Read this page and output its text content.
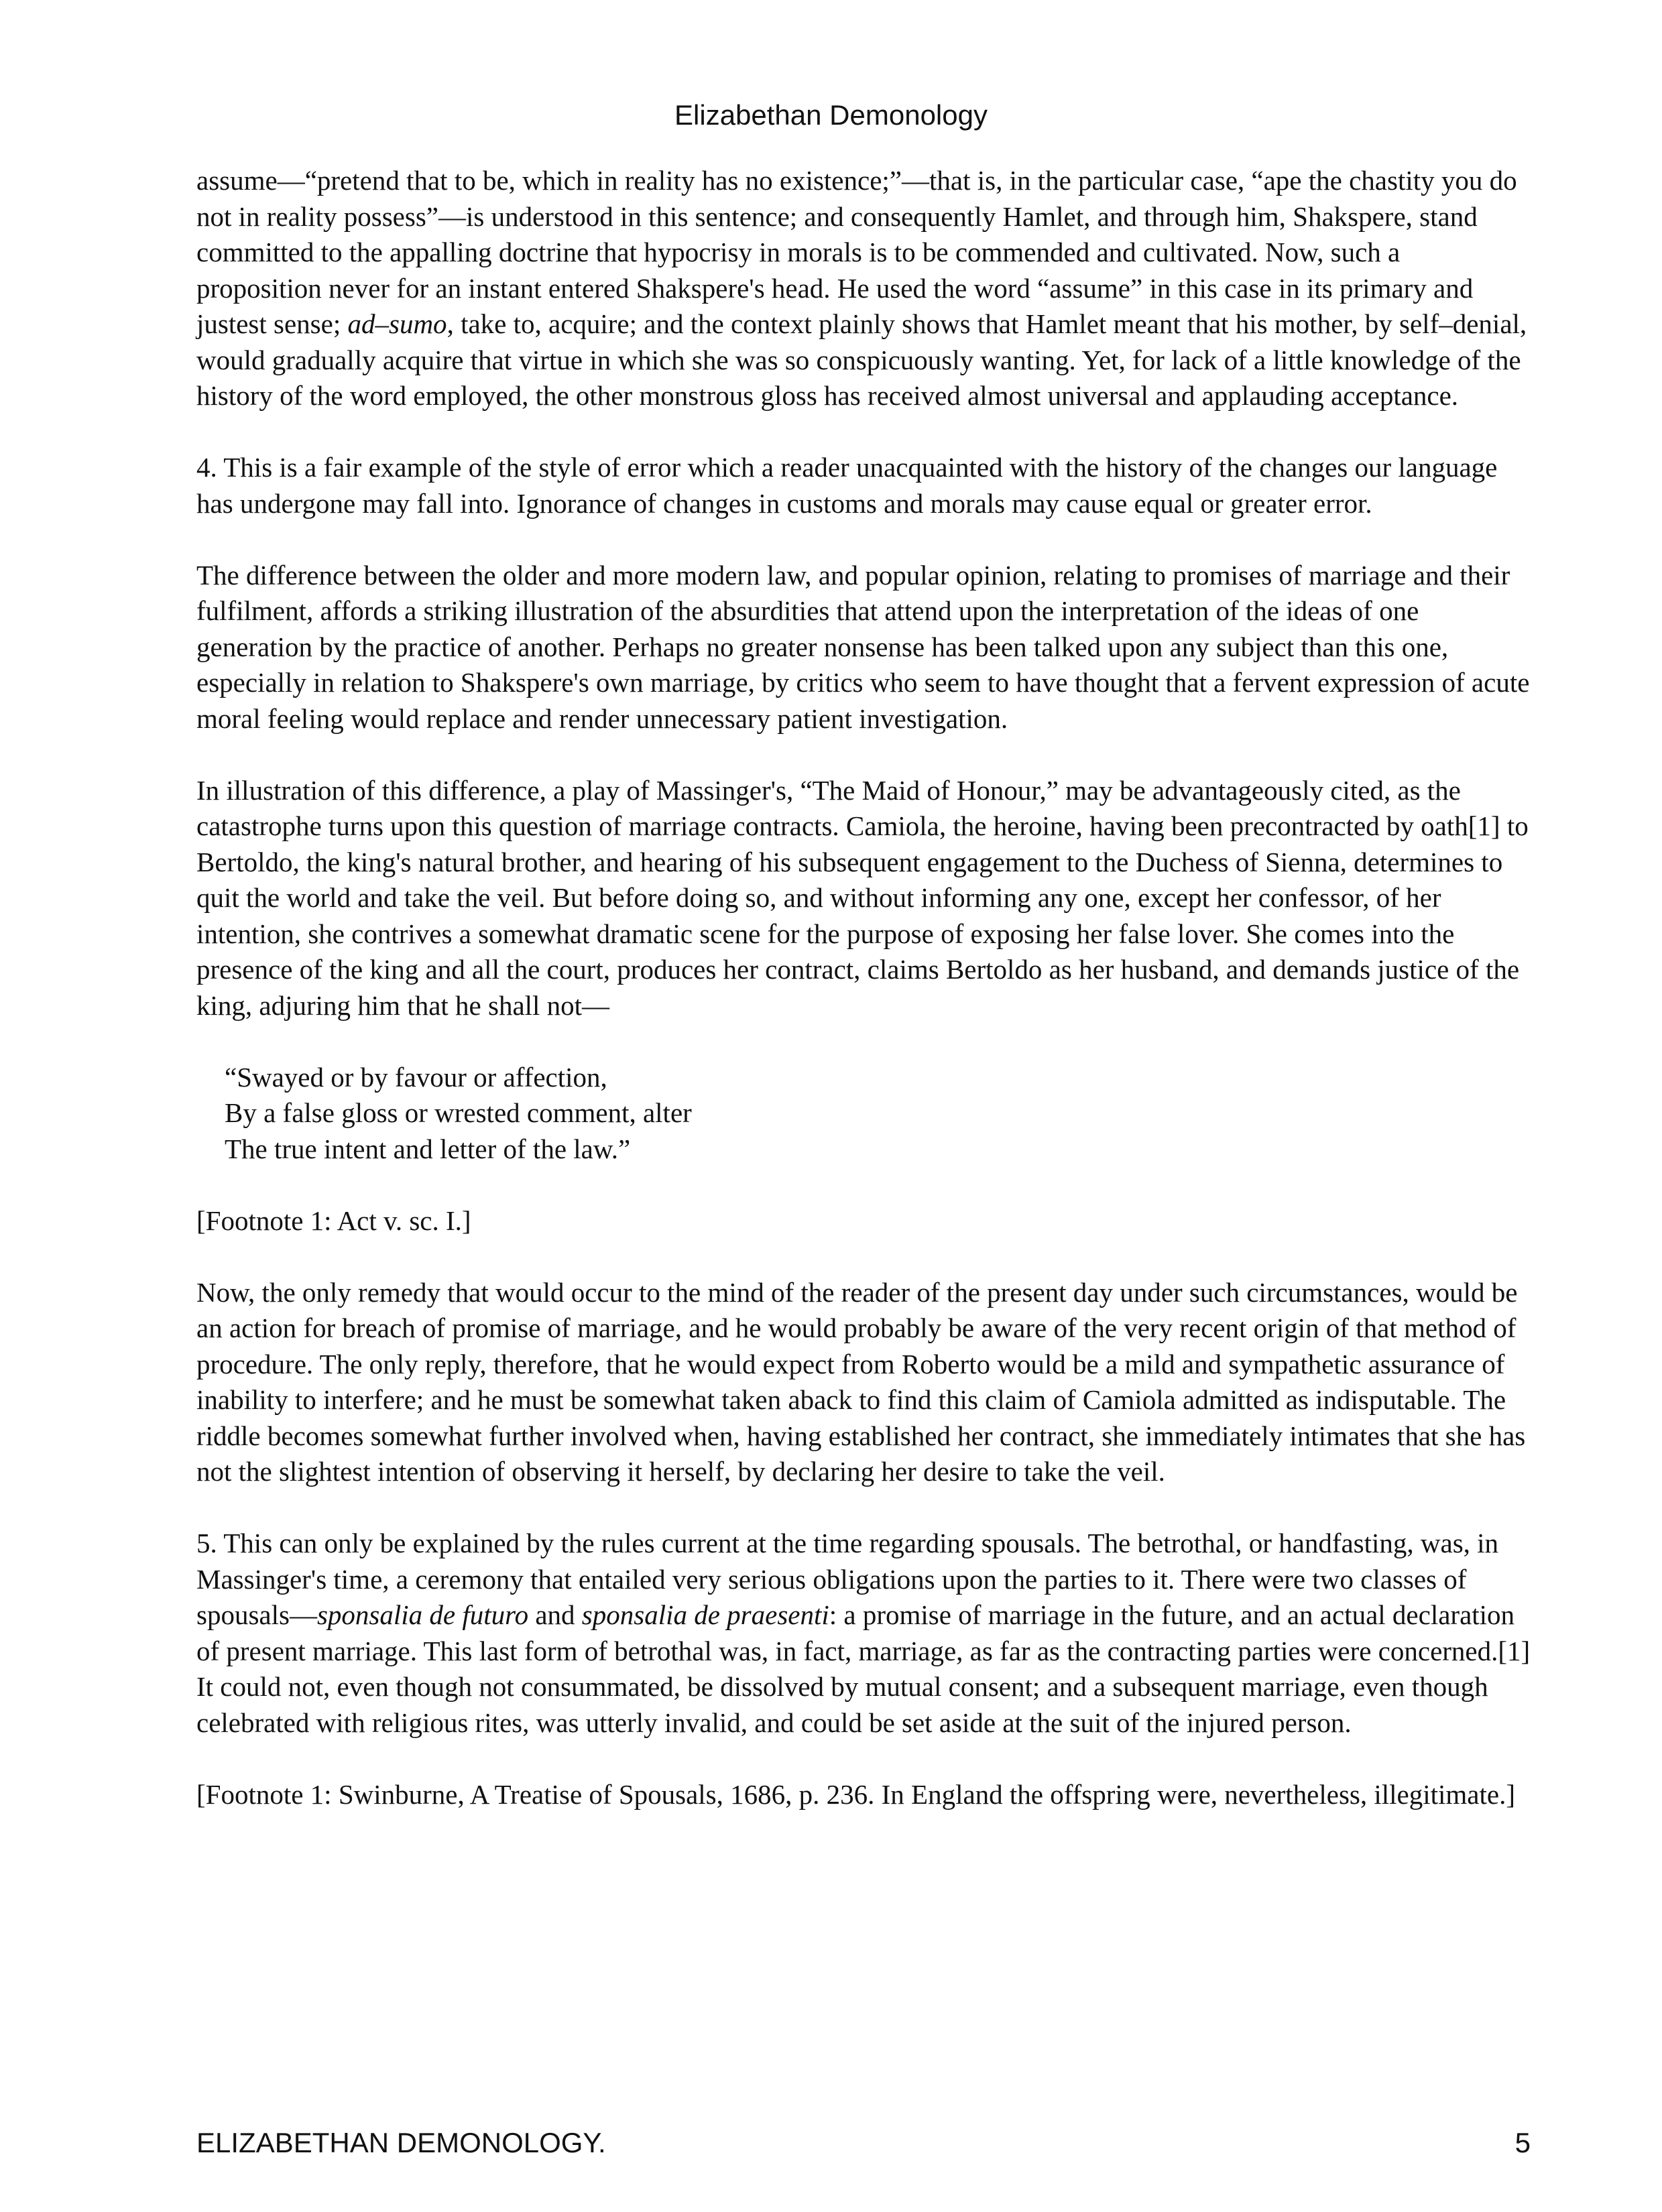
Elizabethan Demonology

assume—“pretend that to be, which in reality has no existence;”—that is, in the particular case, “ape the chastity you do not in reality possess”—is understood in this sentence; and consequently Hamlet, and through him, Shakspere, stand committed to the appalling doctrine that hypocrisy in morals is to be commended and cultivated. Now, such a proposition never for an instant entered Shakspere's head. He used the word “assume” in this case in its primary and justest sense; ad–sumo, take to, acquire; and the context plainly shows that Hamlet meant that his mother, by self–denial, would gradually acquire that virtue in which she was so conspicuously wanting. Yet, for lack of a little knowledge of the history of the word employed, the other monstrous gloss has received almost universal and applauding acceptance.

4. This is a fair example of the style of error which a reader unacquainted with the history of the changes our language has undergone may fall into. Ignorance of changes in customs and morals may cause equal or greater error.

The difference between the older and more modern law, and popular opinion, relating to promises of marriage and their fulfilment, affords a striking illustration of the absurdities that attend upon the interpretation of the ideas of one generation by the practice of another. Perhaps no greater nonsense has been talked upon any subject than this one, especially in relation to Shakspere's own marriage, by critics who seem to have thought that a fervent expression of acute moral feeling would replace and render unnecessary patient investigation.

In illustration of this difference, a play of Massinger's, “The Maid of Honour,” may be advantageously cited, as the catastrophe turns upon this question of marriage contracts. Camiola, the heroine, having been precontracted by oath[1] to Bertoldo, the king's natural brother, and hearing of his subsequent engagement to the Duchess of Sienna, determines to quit the world and take the veil. But before doing so, and without informing any one, except her confessor, of her intention, she contrives a somewhat dramatic scene for the purpose of exposing her false lover. She comes into the presence of the king and all the court, produces her contract, claims Bertoldo as her husband, and demands justice of the king, adjuring him that he shall not—

“Swayed or by favour or affection,
By a false gloss or wrested comment, alter
The true intent and letter of the law.”

[Footnote 1: Act v. sc. I.]

Now, the only remedy that would occur to the mind of the reader of the present day under such circumstances, would be an action for breach of promise of marriage, and he would probably be aware of the very recent origin of that method of procedure. The only reply, therefore, that he would expect from Roberto would be a mild and sympathetic assurance of inability to interfere; and he must be somewhat taken aback to find this claim of Camiola admitted as indisputable. The riddle becomes somewhat further involved when, having established her contract, she immediately intimates that she has not the slightest intention of observing it herself, by declaring her desire to take the veil.

5. This can only be explained by the rules current at the time regarding spousals. The betrothal, or handfasting, was, in Massinger's time, a ceremony that entailed very serious obligations upon the parties to it. There were two classes of spousals—sponsalia de futuro and sponsalia de praesenti: a promise of marriage in the future, and an actual declaration of present marriage. This last form of betrothal was, in fact, marriage, as far as the contracting parties were concerned.[1] It could not, even though not consummated, be dissolved by mutual consent; and a subsequent marriage, even though celebrated with religious rites, was utterly invalid, and could be set aside at the suit of the injured person.

[Footnote 1: Swinburne, A Treatise of Spousals, 1686, p. 236. In England the offspring were, nevertheless, illegitimate.]

ELIZABETHAN DEMONOLOGY.	5
